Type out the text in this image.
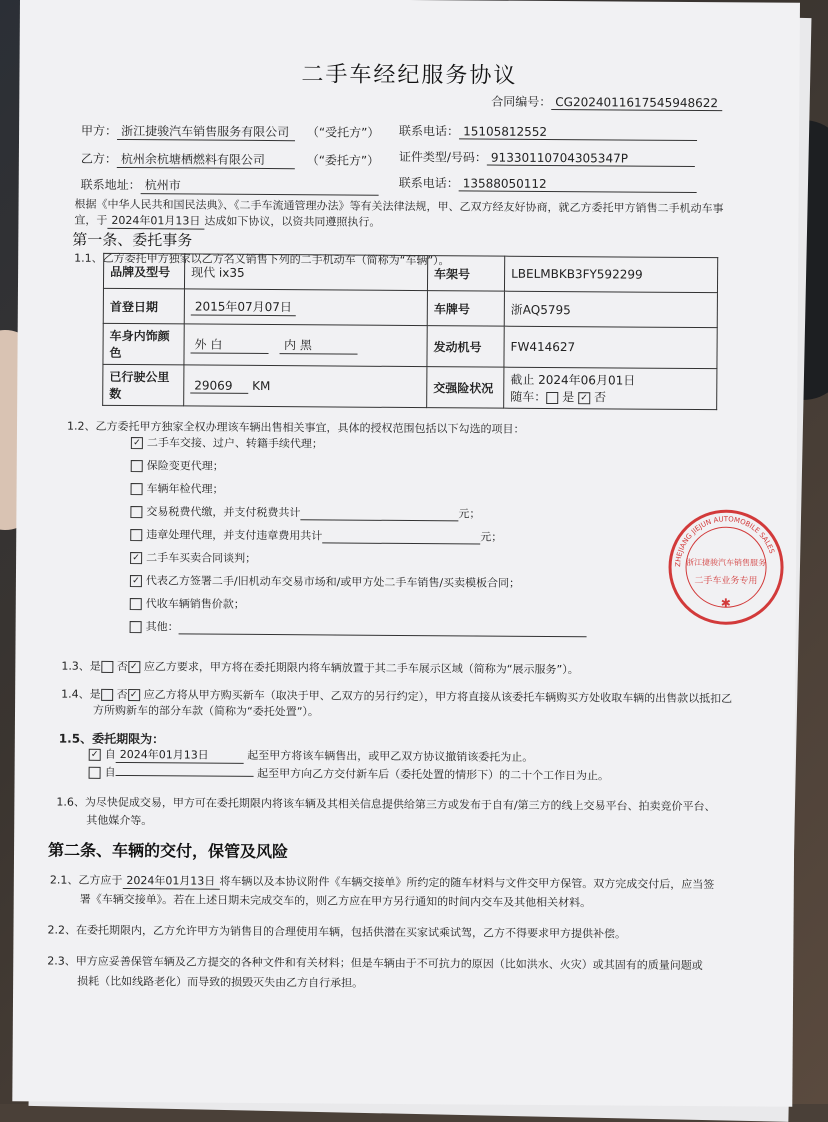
二手车经纪服务协议
合同编号： CG20240116175459486​22
甲方： 浙江捷骏汽车销售服务有限公司 （“受托方”） 联系电话： 15105812552
乙方： 杭州余杭塘栖燃料有限公司	（“委托方”） 证件类型/号码： 91330110704305347P
联系地址： 杭州市	联系电话： 13588050112
根据《中华人民共和国民法典》、《二手车流通管理办法》等有关法律法规，甲、乙双方经友好协商，就乙方委托甲方销售二手机动车事
宜，于 2024年01月13日 达成如下协议，以资共同遵照执行。
第一条、委托事务
1.1、乙方委托甲方独家以乙方名义销售下列的二手机动车（简称为“车辆”）。
品牌及型号	现代 ix35	车架号	LBELMBKB3FY592299
首登日期	2015年07月07日	车牌号	浙AQ5795
车身内饰颜色	外 白 内 黑	发动机号	FW414627
已行驶公里数	29069 KM	交强险状况	截止 2024年06月01日
随车： 是 ✓ 否
1.2、乙方委托甲方独家全权办理该车辆出售相关事宜，具体的授权范围包括以下勾选的项目：
✓ 二手车交接、过户、转籍手续代理；
保险变更代理；
车辆年检代理；
交易税费代缴，并支付税费共计	元；
违章处理代理，并支付违章费用共计	元；
✓ 二手车买卖合同谈判；
✓ 代表乙方签署二手/旧机动车交易市场和/或甲方处二手车销售/买卖模板合同；
代收车辆销售价款；
其他：
1.3、是 否 ✓ 应乙方要求，甲方将在委托期限内将车辆放置于其二手车展示区域（简称为“展示服务”）。
1.4、是 否 ✓ 应乙方将从甲方购买新车（取决于甲、乙双方的另行约定），甲方将直接从该委托车辆购买方处收取车辆的出售款以抵扣乙
方所购新车的部分车款（简称为“委托处置”）。
1.5、委托期限为：
✓ 自 2024年01月13日	起至甲方将该车辆售出，或甲乙双方协议撤销该委托为止。
自	起至甲方向乙方交付新车后（委托处置的情形下）的二十个工作日为止。
1.6、为尽快促成交易，甲方可在委托期限内将该车辆及其相关信息提供给第三方或发布于自有/第三方的线上交易平台、拍卖竞价平台、
其他媒介等。
第二条、车辆的交付，保管及风险
2.1、乙方应于 2024年01月13日 将车辆以及本协议附件《车辆交接单》所约定的随车材料与文件交甲方保管。双方完成交付后，应当签
署《车辆交接单》。若在上述日期未完成交车的，则乙方应在甲方另行通知的时间内交车及其他相关材料。
2.2、在委托期限内，乙方允许甲方为销售目的合理使用车辆，包括供潜在买家试乘试驾，乙方不得要求甲方提供补偿。
2.3、甲方应妥善保管车辆及乙方提交的各种文件和有关材料；但是车辆由于不可抗力的原因（比如洪水、火灾）或其固有的质量问题或
损耗（比如线路老化）而导致的损毁灭失由乙方自行承担。
ZHEJIANG JIEJUN AUTOMOBILE SALES
浙江捷骏汽车销售服务
二手车业务专用
✱
